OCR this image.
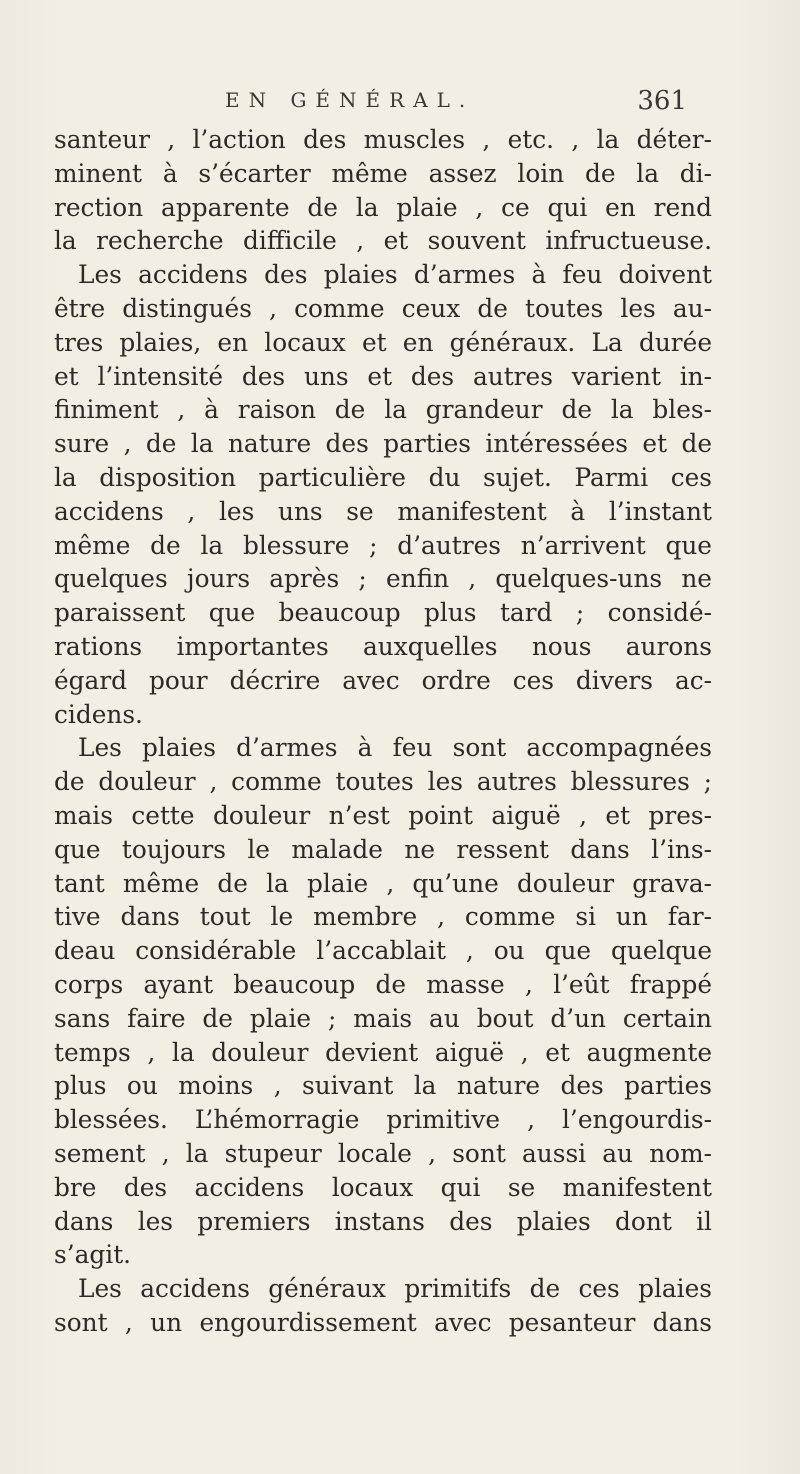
EN GÉNÉRAL.	361
santeur , l’action des muscles , etc. , la déter-
minent à s’écarter même assez loin de la di-
rection apparente de la plaie , ce qui en rend
la recherche difficile , et souvent infructueuse.
Les accidens des plaies d’armes à feu doivent
être distingués , comme ceux de toutes les au-
tres plaies, en locaux et en généraux. La durée
et l’intensité des uns et des autres varient in-
finiment , à raison de la grandeur de la bles-
sure , de la nature des parties intéressées et de
la disposition particulière du sujet. Parmi ces
accidens , les uns se manifestent à l’instant
même de la blessure ; d’autres n’arrivent que
quelques jours après ; enfin , quelques-uns ne
paraissent que beaucoup plus tard ; considé-
rations importantes auxquelles nous aurons
égard pour décrire avec ordre ces divers ac-
cidens.
Les plaies d’armes à feu sont accompagnées
de douleur , comme toutes les autres blessures ;
mais cette douleur n’est point aiguë , et pres-
que toujours le malade ne ressent dans l’ins-
tant même de la plaie , qu’une douleur grava-
tive dans tout le membre , comme si un far-
deau considérable l’accablait , ou que quelque
corps ayant beaucoup de masse , l’eût frappé
sans faire de plaie ; mais au bout d’un certain
temps , la douleur devient aiguë , et augmente
plus ou moins , suivant la nature des parties
blessées. L’hémorragie primitive , l’engourdis-
sement , la stupeur locale , sont aussi au nom-
bre des accidens locaux qui se manifestent
dans les premiers instans des plaies dont il
s’agit.
Les accidens généraux primitifs de ces plaies
sont , un engourdissement avec pesanteur dans
